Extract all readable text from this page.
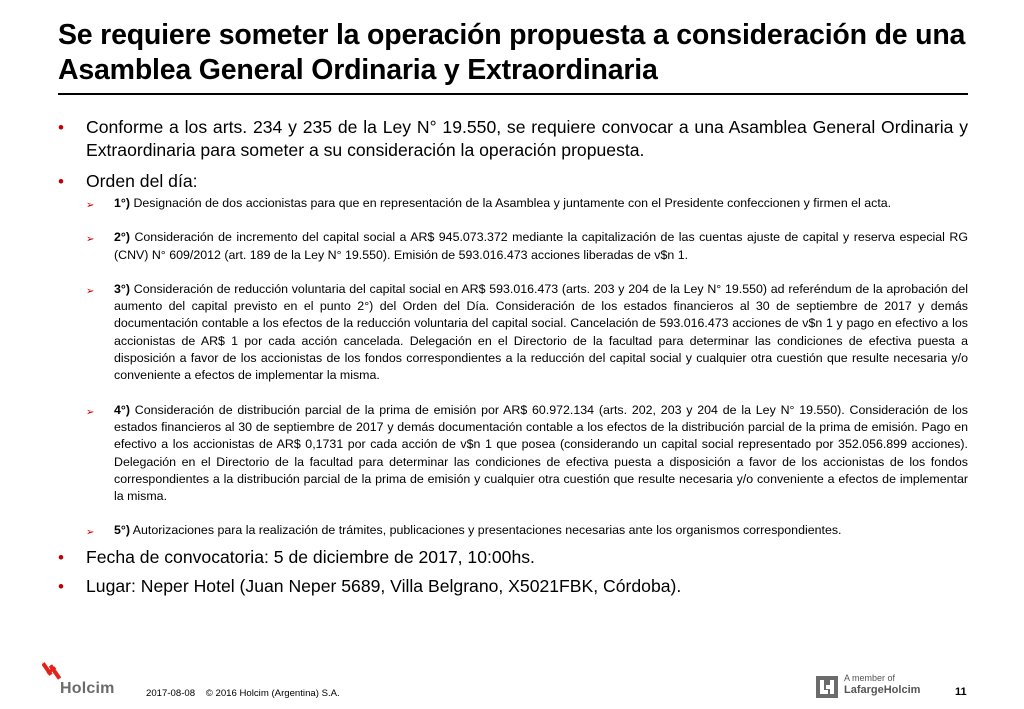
Se requiere someter la operación propuesta a consideración de una Asamblea General Ordinaria y Extraordinaria
• Conforme a los arts. 234 y 235 de la Ley N° 19.550, se requiere convocar a una Asamblea General Ordinaria y Extraordinaria para someter a su consideración la operación propuesta.
• Orden del día:
➢ 1°) Designación de dos accionistas para que en representación de la Asamblea y juntamente con el Presidente confeccionen y firmen el acta.
➢ 2°) Consideración de incremento del capital social a AR$ 945.073.372 mediante la capitalización de las cuentas ajuste de capital y reserva especial RG (CNV) N° 609/2012 (art. 189 de la Ley N° 19.550). Emisión de 593.016.473 acciones liberadas de v$n 1.
➢ 3°) Consideración de reducción voluntaria del capital social en AR$ 593.016.473 (arts. 203 y 204 de la Ley N° 19.550) ad referéndum de la aprobación del aumento del capital previsto en el punto 2°) del Orden del Día. Consideración de los estados financieros al 30 de septiembre de 2017 y demás documentación contable a los efectos de la reducción voluntaria del capital social. Cancelación de 593.016.473 acciones de v$n 1 y pago en efectivo a los accionistas de AR$ 1 por cada acción cancelada. Delegación en el Directorio de la facultad para determinar las condiciones de efectiva puesta a disposición a favor de los accionistas de los fondos correspondientes a la reducción del capital social y cualquier otra cuestión que resulte necesaria y/o conveniente a efectos de implementar la misma.
➢ 4°) Consideración de distribución parcial de la prima de emisión por AR$ 60.972.134 (arts. 202, 203 y 204 de la Ley N° 19.550). Consideración de los estados financieros al 30 de septiembre de 2017 y demás documentación contable a los efectos de la distribución parcial de la prima de emisión. Pago en efectivo a los accionistas de AR$ 0,1731 por cada acción de v$n 1 que posea (considerando un capital social representado por 352.056.899 acciones). Delegación en el Directorio de la facultad para determinar las condiciones de efectiva puesta a disposición a favor de los accionistas de los fondos correspondientes a la distribución parcial de la prima de emisión y cualquier otra cuestión que resulte necesaria y/o conveniente a efectos de implementar la misma.
➢ 5°) Autorizaciones para la realización de trámites, publicaciones y presentaciones necesarias ante los organismos correspondientes.
• Fecha de convocatoria: 5 de diciembre de 2017, 10:00hs.
• Lugar: Neper Hotel (Juan Neper 5689, Villa Belgrano, X5021FBK, Córdoba).
Holcim	2017-08-08 © 2016 Holcim (Argentina) S.A.
A member of
LafargeHolcim	11
